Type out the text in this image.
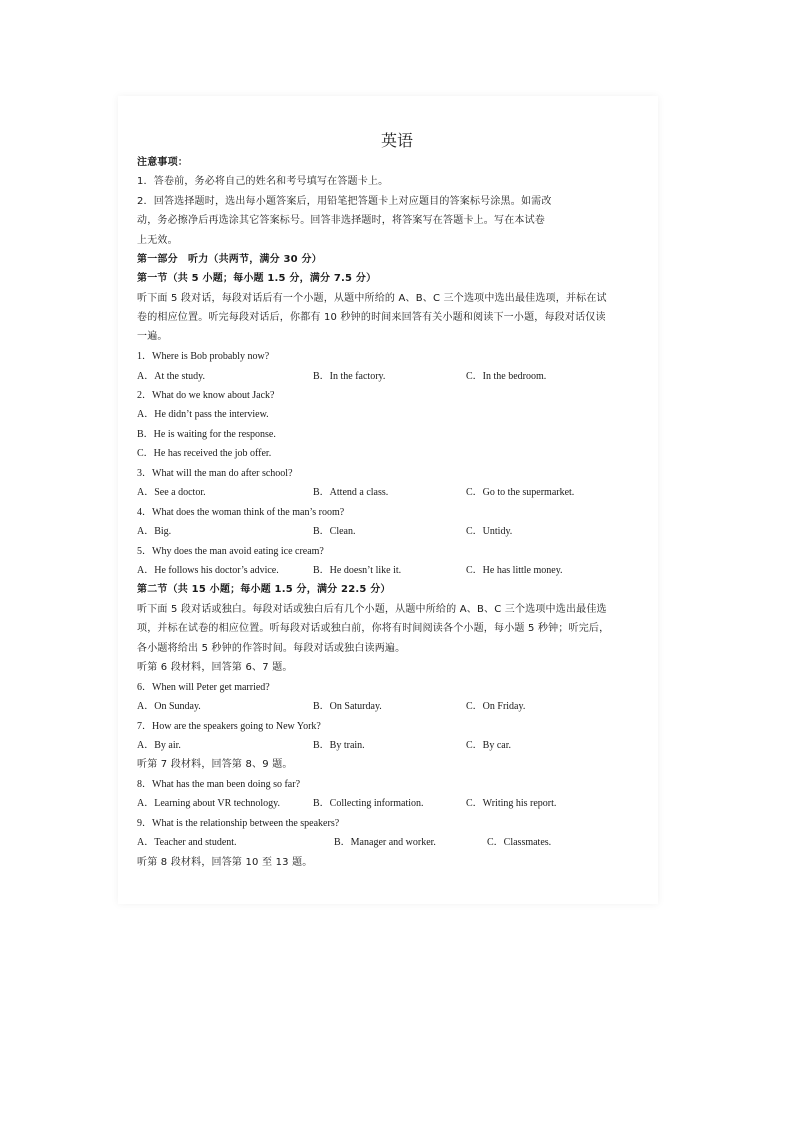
英语
注意事项：
1．答卷前，务必将自己的姓名和考号填写在答题卡上。
2．回答选择题时，选出每小题答案后，用铅笔把答题卡上对应题目的答案标号涂黑。如需改
动，务必擦净后再选涂其它答案标号。回答非选择题时，将答案写在答题卡上。写在本试卷
上无效。
第一部分　听力（共两节，满分 30 分）
第一节（共 5 小题；每小题 1.5 分，满分 7.5 分）
听下面 5 段对话，每段对话后有一个小题，从题中所给的 A、B、C 三个选项中选出最佳选项，并标在试
卷的相应位置。听完每段对话后，你都有 10 秒钟的时间来回答有关小题和阅读下一小题，每段对话仅读
一遍。
1．Where is Bob probably now?
A．At the study.	B．In the factory.	C．In the bedroom.
2．What do we know about Jack?
A．He didn’t pass the interview.
B．He is waiting for the response.
C．He has received the job offer.
3．What will the man do after school?
A．See a doctor.	B．Attend a class.	C．Go to the supermarket.
4．What does the woman think of the man’s room?
A．Big.	B．Clean.	C．Untidy.
5．Why does the man avoid eating ice cream?
A．He follows his doctor’s advice.	B．He doesn’t like it.	C．He has little money.
第二节（共 15 小题；每小题 1.5 分，满分 22.5 分）
听下面 5 段对话或独白。每段对话或独白后有几个小题，从题中所给的 A、B、C 三个选项中选出最佳选
项，并标在试卷的相应位置。听每段对话或独白前，你将有时间阅读各个小题，每小题 5 秒钟；听完后，
各小题将给出 5 秒钟的作答时间。每段对话或独白读两遍。
听第 6 段材料，回答第 6、7 题。
6．When will Peter get married?
A．On Sunday.	B．On Saturday.	C．On Friday.
7．How are the speakers going to New York?
A．By air.	B．By train.	C．By car.
听第 7 段材料，回答第 8、9 题。
8．What has the man been doing so far?
A．Learning about VR technology.	B．Collecting information.	C．Writing his report.
9．What is the relationship between the speakers?
A．Teacher and student.	B．Manager and worker.	C．Classmates.
听第 8 段材料，回答第 10 至 13 题。
